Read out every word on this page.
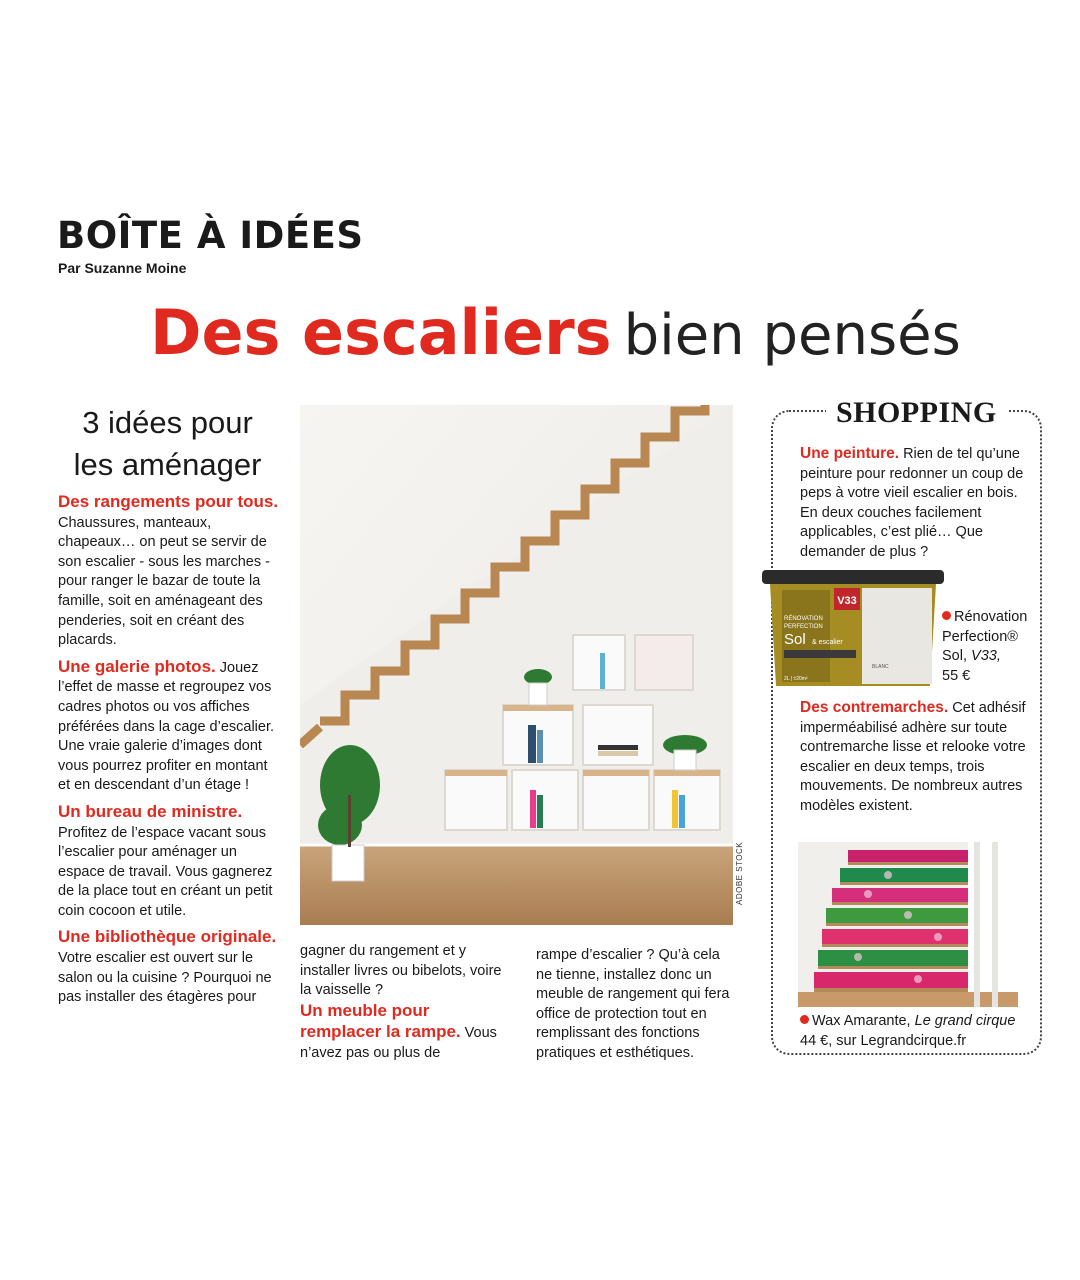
BOÎTE À IDÉES
Par Suzanne Moine
Des escaliers bien pensés
3 idées pour
les aménager

Des rangements pour tous. Chaussures, manteaux, chapeaux… on peut se servir de son escalier - sous les marches - pour ranger le bazar de toute la famille, soit en aménageant des penderies, soit en créant des placards.

Une galerie photos. Jouez l’effet de masse et regroupez vos cadres photos ou vos affiches préférées dans la cage d’escalier. Une vraie galerie d’images dont vous pourrez profiter en montant et en descendant d’un étage !

Un bureau de ministre. Profitez de l’espace vacant sous l’escalier pour aménager un espace de travail. Vous gagnerez de la place tout en créant un petit coin cocoon et utile.

Une bibliothèque originale. Votre escalier est ouvert sur le salon ou la cuisine ? Pourquoi ne pas installer des étagères pour

ADOBE STOCK

gagner du rangement et y installer livres ou bibelots, voire la vaisselle ?

Un meuble pour remplacer la rampe. Vous n’avez pas ou plus de

rampe d’escalier ? Qu’à cela ne tienne, installez donc un meuble de rangement qui fera office de protection tout en remplissant des fonctions pratiques et esthétiques.

SHOPPING
Une peinture. Rien de tel qu’une peinture pour redonner un coup de peps à votre vieil escalier en bois. En deux couches facilement applicables, c’est plié… Que demander de plus ?
V33
RÉNOVATION
PERFECTION
Sol & escalier
BLANC
2L | ±20m²
Rénovation Perfection® Sol, V33,
55 €
Des contremarches. Cet adhésif imperméabilisé adhère sur toute contremarche lisse et relooke votre escalier en deux temps, trois mouvements. De nombreux autres modèles existent.
Wax Amarante, Le grand cirque
44 €, sur Legrandcirque.fr
